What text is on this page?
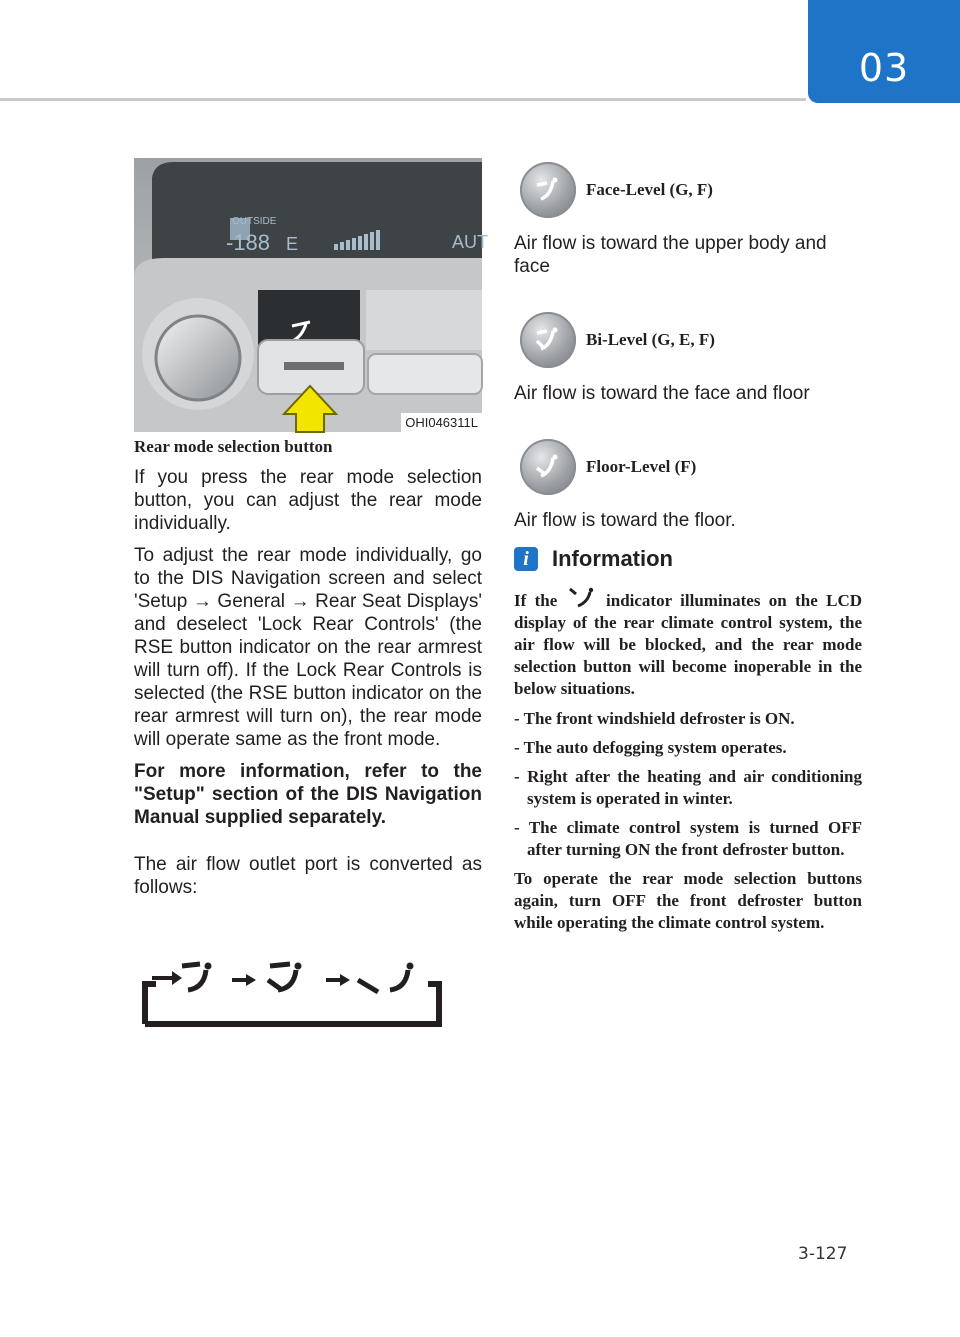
03
-188 E
OUTSIDE
AUT
OHI046311L

Rear mode selection button

If you press the rear mode selection button, you can adjust the rear mode individually.

To adjust the rear mode individually, go to the DIS Navigation screen and select 'Setup → General → Rear Seat Displays' and deselect 'Lock Rear Controls' (the RSE button indicator on the rear armrest will turn off). If the Lock Rear Controls is selected (the RSE button indicator on the rear armrest will turn on), the rear mode will operate same as the front mode.

For more information, refer to the "Setup" section of the DIS Navigation Manual supplied separately.

The air flow outlet port is converted as follows:

Face-Level (G, F)

Air flow is toward the upper body and face

Bi-Level (G, E, F)

Air flow is toward the face and floor

Floor-Level (F)

Air flow is toward the floor.

i	Information

If the	indicator illuminates on the LCD display of the rear climate control system, the air flow will be blocked, and the rear mode selection button will become inoperable in the below situations.

- The front windshield defroster is ON.

- The auto defogging system operates.

- Right after the heating and air conditioning system is operated in winter.

- The climate control system is turned OFF after turning ON the front defroster button.

To operate the rear mode selection buttons again, turn OFF the front defroster button while operating the climate control system.

3-127
